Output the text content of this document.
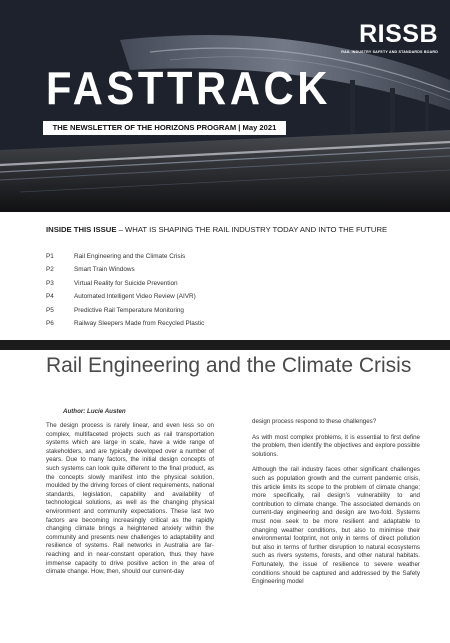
RISSB
RAIL INDUSTRY SAFETY AND STANDARDS BOARD
FASTTRACK
THE NEWSLETTER OF THE HORIZONS PROGRAM | May 2021
INSIDE THIS ISSUE – WHAT IS SHAPING THE RAIL INDUSTRY TODAY AND INTO THE FUTURE
P1	Rail Engineering and the Climate Crisis
P2	Smart Train Windows
P3	Virtual Reality for Suicide Prevention
P4	Automated Intelligent Video Review (AIVR)
P5	Predictive Rail Temperature Monitoring
P6	Railway Sleepers Made from Recycled Plastic
Rail Engineering and the Climate Crisis
Author: Lucie Austen

The design process is rarely linear, and even less so on complex, multifaceted projects such as rail transportation systems which are large in scale, have a wide range of stakeholders, and are typically developed over a number of years. Due to many factors, the initial design concepts of such systems can look quite different to the final product, as the concepts slowly manifest into the physical solution, moulded by the driving forces of client requirements, national standards, legislation, capability and availability of technological solutions, as well as the changing physical environment and community expectations. These last two factors are becoming increasingly critical as the rapidly changing climate brings a heightened anxiety within the community and presents new challenges to adaptability and resilience of systems. Rail networks in Australia are far-reaching and in near-constant operation, thus they have immense capacity to drive positive action in the area of climate change. How, then, should our current-day

design process respond to these challenges?

As with most complex problems, it is essential to first define the problem, then identify the objectives and explore possible solutions.

Although the rail industry faces other significant challenges such as population growth and the current pandemic crisis, this article limits its scope to the problem of climate change; more specifically, rail design’s vulnerability to and contribution to climate change. The associated demands on current-day engineering and design are two-fold. Systems must now seek to be more resilient and adaptable to changing weather conditions, but also to minimise their environmental footprint, not only in terms of direct pollution but also in terms of further disruption to natural ecosystems such as rivers systems, forests, and other natural habitats. Fortunately, the issue of resilience to severe weather conditions should be captured and addressed by the Safety Engineering model
